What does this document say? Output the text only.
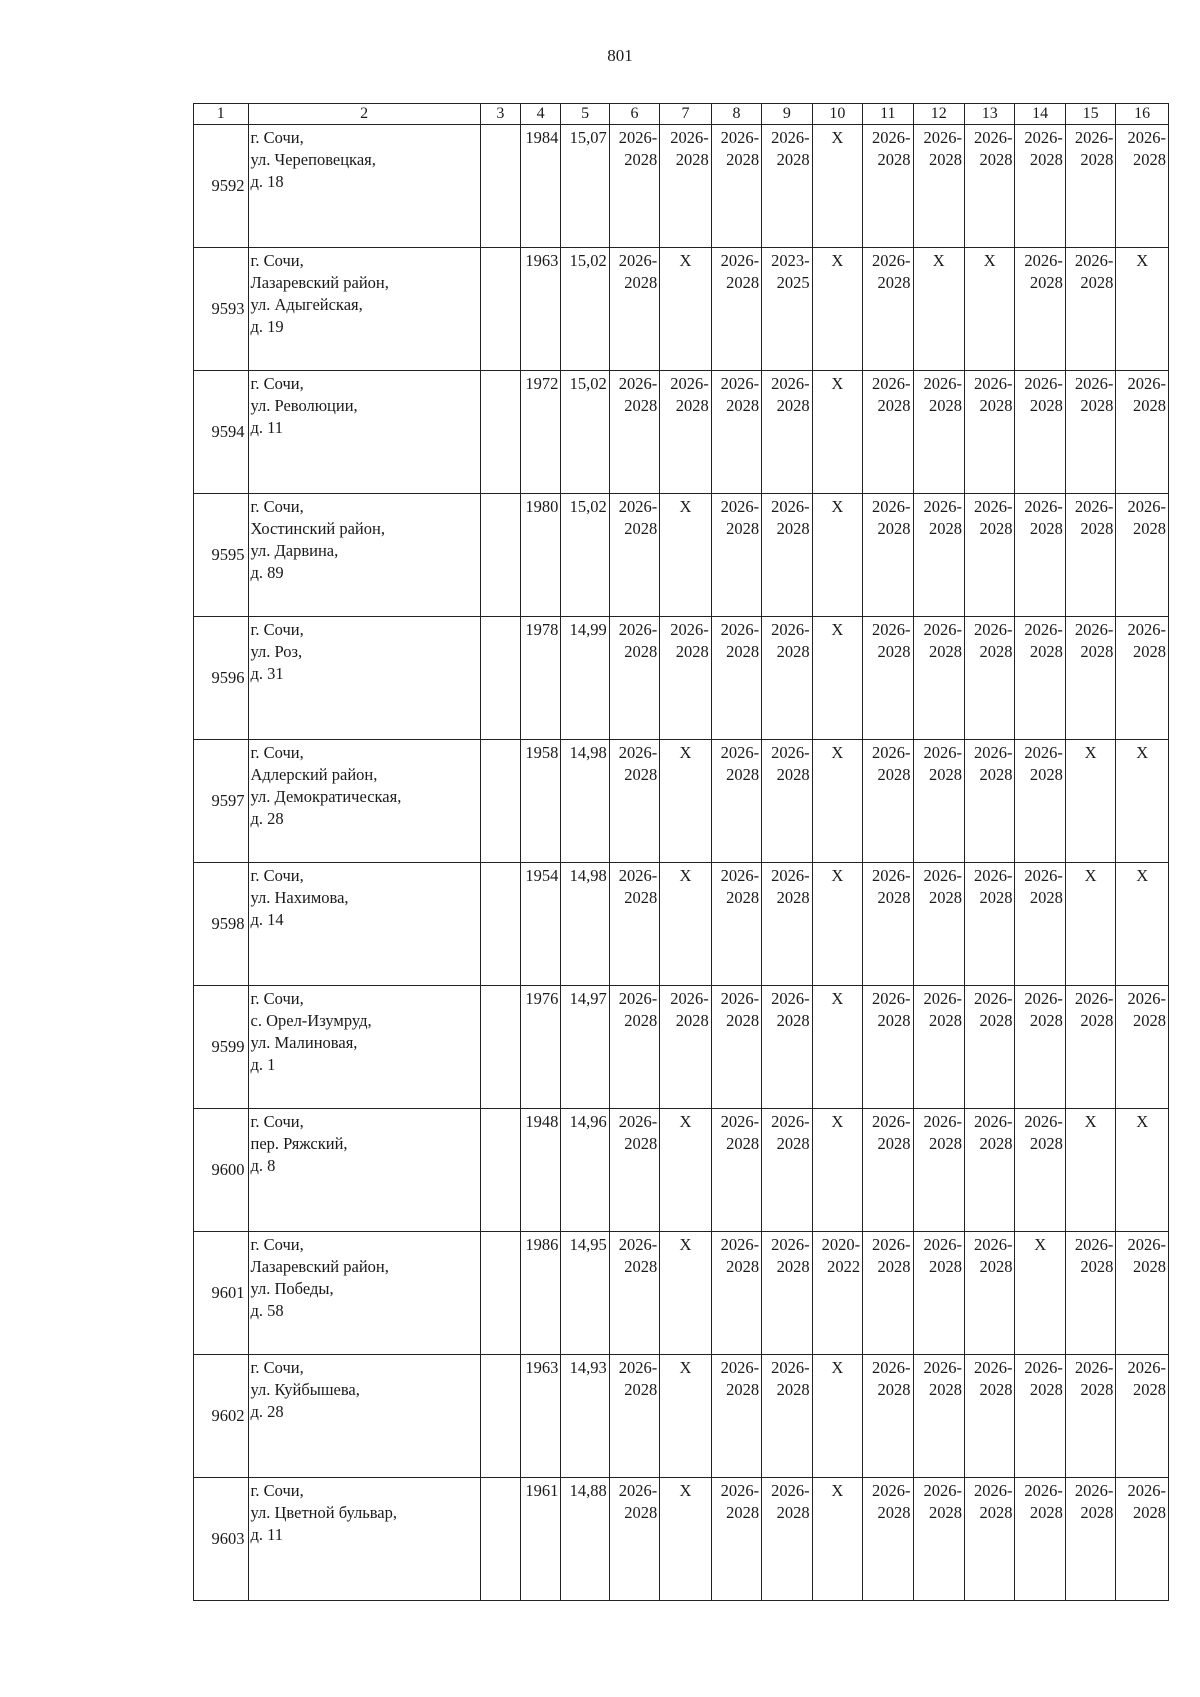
801
1	2	3	4	5	6	7	8	9	10	11	12	13	14	15	16
9592	г. Сочи,
ул. Череповецкая,
д. 18		1984	15,07	2026-
2028	2026-
2028	2026-
2028	2026-
2028	X	2026-
2028	2026-
2028	2026-
2028	2026-
2028	2026-
2028	2026-
2028

9593	г. Сочи,
Лазаревский район,
ул. Адыгейская,
д. 19		1963	15,02	2026-
2028	X	2026-
2028	2023-
2025	X	2026-
2028	X	X	2026-
2028	2026-
2028	X

9594	г. Сочи,
ул. Революции,
д. 11		1972	15,02	2026-
2028	2026-
2028	2026-
2028	2026-
2028	X	2026-
2028	2026-
2028	2026-
2028	2026-
2028	2026-
2028	2026-
2028

9595	г. Сочи,
Хостинский район,
ул. Дарвина,
д. 89		1980	15,02	2026-
2028	X	2026-
2028	2026-
2028	X	2026-
2028	2026-
2028	2026-
2028	2026-
2028	2026-
2028	2026-
2028

9596	г. Сочи,
ул. Роз,
д. 31		1978	14,99	2026-
2028	2026-
2028	2026-
2028	2026-
2028	X	2026-
2028	2026-
2028	2026-
2028	2026-
2028	2026-
2028	2026-
2028

9597	г. Сочи,
Адлерский район,
ул. Демократическая,
д. 28		1958	14,98	2026-
2028	X	2026-
2028	2026-
2028	X	2026-
2028	2026-
2028	2026-
2028	2026-
2028	X	X

9598	г. Сочи,
ул. Нахимова,
д. 14		1954	14,98	2026-
2028	X	2026-
2028	2026-
2028	X	2026-
2028	2026-
2028	2026-
2028	2026-
2028	X	X

9599	г. Сочи,
с. Орел-Изумруд,
ул. Малиновая,
д. 1		1976	14,97	2026-
2028	2026-
2028	2026-
2028	2026-
2028	X	2026-
2028	2026-
2028	2026-
2028	2026-
2028	2026-
2028	2026-
2028

9600	г. Сочи,
пер. Ряжский,
д. 8		1948	14,96	2026-
2028	X	2026-
2028	2026-
2028	X	2026-
2028	2026-
2028	2026-
2028	2026-
2028	X	X

9601	г. Сочи,
Лазаревский район,
ул. Победы,
д. 58		1986	14,95	2026-
2028	X	2026-
2028	2026-
2028	2020-
2022	2026-
2028	2026-
2028	2026-
2028	X	2026-
2028	2026-
2028

9602	г. Сочи,
ул. Куйбышева,
д. 28		1963	14,93	2026-
2028	X	2026-
2028	2026-
2028	X	2026-
2028	2026-
2028	2026-
2028	2026-
2028	2026-
2028	2026-
2028

9603	г. Сочи,
ул. Цветной бульвар,
д. 11		1961	14,88	2026-
2028	X	2026-
2028	2026-
2028	X	2026-
2028	2026-
2028	2026-
2028	2026-
2028	2026-
2028	2026-
2028
